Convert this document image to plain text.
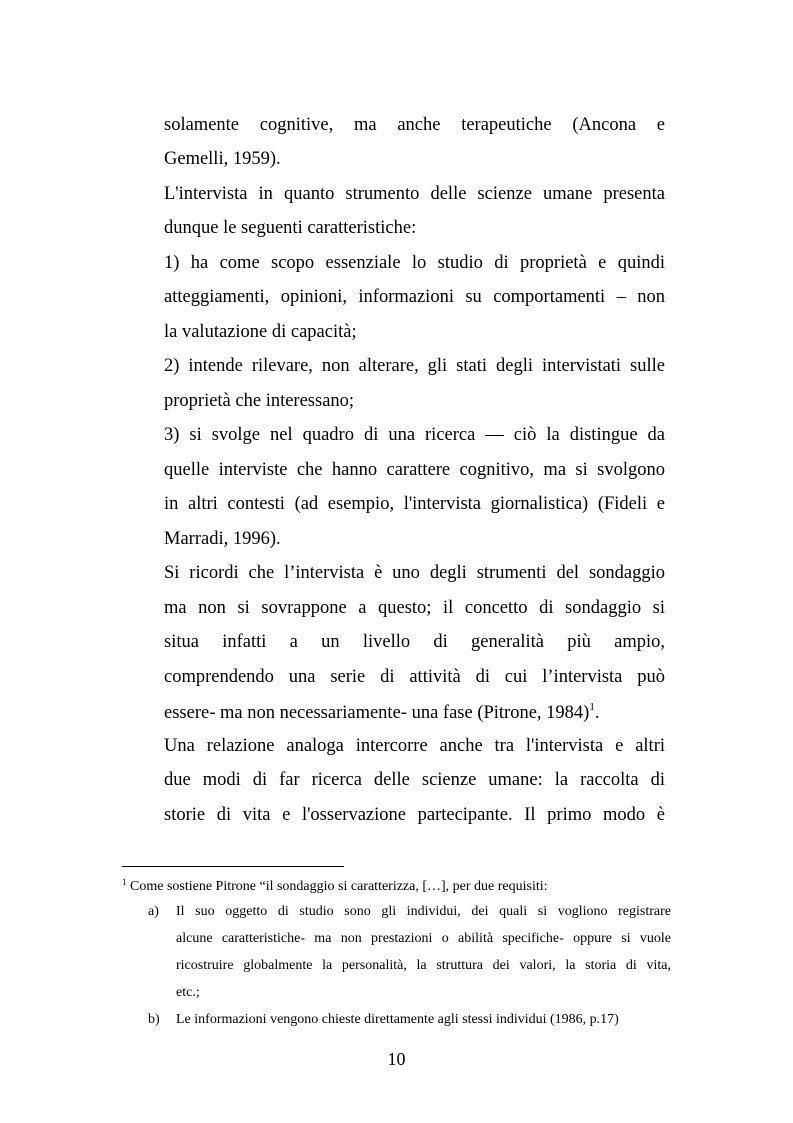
solamente cognitive, ma anche terapeutiche (Ancona e
Gemelli, 1959).
L'intervista in quanto strumento delle scienze umane presenta
dunque le seguenti caratteristiche:
1) ha come scopo essenziale lo studio di proprietà e quindi
atteggiamenti, opinioni, informazioni su comportamenti – non
la valutazione di capacità;
2) intende rilevare, non alterare, gli stati degli intervistati sulle
proprietà che interessano;
3) si svolge nel quadro di una ricerca — ciò la distingue da
quelle interviste che hanno carattere cognitivo, ma si svolgono
in altri contesti (ad esempio, l'intervista giornalistica) (Fideli e
Marradi, 1996).
Si ricordi che l’intervista è uno degli strumenti del sondaggio
ma non si sovrappone a questo; il concetto di sondaggio si
situa infatti a un livello di generalità più ampio,
comprendendo una serie di attività di cui l’intervista può
essere- ma non necessariamente- una fase (Pitrone, 1984)$^1$.
Una relazione analoga intercorre anche tra l'intervista e altri
due modi di far ricerca delle scienze umane: la raccolta di
storie di vita e l'osservazione partecipante. Il primo modo è
$^1$ Come sostiene Pitrone “il sondaggio si caratterizza, […], per due requisiti:
a) Il suo oggetto di studio sono gli individui, dei quali si vogliono registrare
alcune caratteristiche- ma non prestazioni o abilità specifiche- oppure si vuole
ricostruire globalmente la personalità, la struttura dei valori, la storia di vita,
etc.;
b) Le informazioni vengono chieste direttamente agli stessi individui (1986, p.17)
10
